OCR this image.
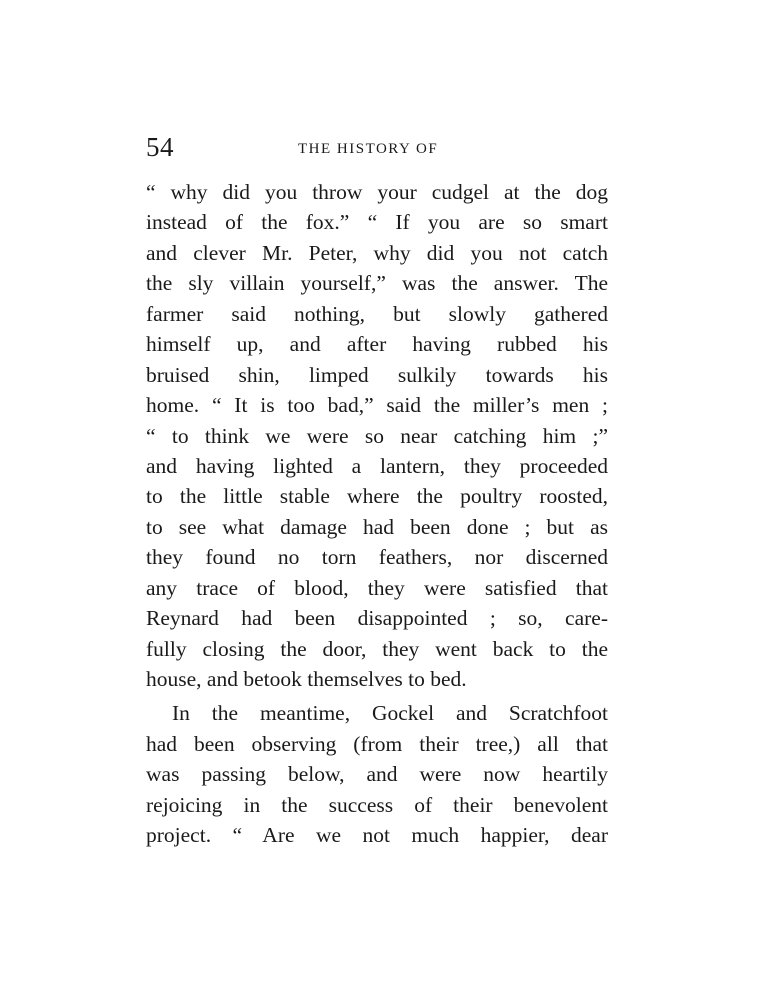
54	THE HISTORY OF
“ why did you throw your cudgel at the dog
instead of the fox.” “ If you are so smart
and clever Mr. Peter, why did you not catch
the sly villain yourself,” was the answer. The
farmer said nothing, but slowly gathered
himself up, and after having rubbed his
bruised shin, limped sulkily towards his
home. “ It is too bad,” said the miller’s men ;
“ to think we were so near catching him ;”
and having lighted a lantern, they proceeded
to the little stable where the poultry roosted,
to see what damage had been done ; but as
they found no torn feathers, nor discerned
any trace of blood, they were satisfied that
Reynard had been disappointed ; so, care-
fully closing the door, they went back to the
house, and betook themselves to bed.
In the meantime, Gockel and Scratchfoot
had been observing (from their tree,) all that
was passing below, and were now heartily
rejoicing in the success of their benevolent
project. “ Are we not much happier, dear
